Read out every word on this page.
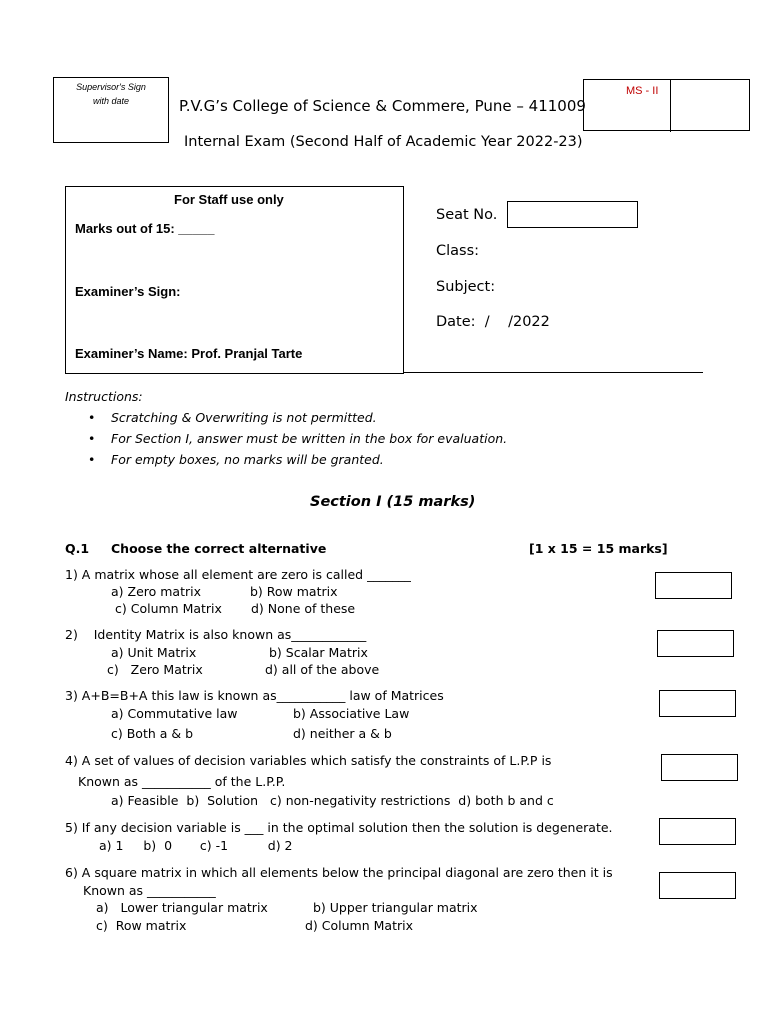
Supervisor's Sign
with date
MS - II
P.V.G’s College of Science & Commere, Pune – 411009
Internal Exam (Second Half of Academic Year 2022-23)
For Staff use only
Marks out of 15: _____
Examiner’s Sign:
Examiner’s Name: Prof. Pranjal Tarte
Seat No.
Class:
Subject:
Date:  /    /2022
Instructions:
• Scratching & Overwriting is not permitted.
• For Section I, answer must be written in the box for evaluation.
• For empty boxes, no marks will be granted.
Section I (15 marks)
Q.1 Choose the correct alternative	[1 x 15 = 15 marks]
1) A matrix whose all element are zero is called _______
a) Zero matrix	b) Row matrix
c) Column Matrix d) None of these
2)    Identity Matrix is also known as____________
a) Unit Matrix	b) Scalar Matrix
c)   Zero Matrix	d) all of the above
3) A+B=B+A this law is known as___________ law of Matrices
a) Commutative law	b) Associative Law
c) Both a & b	d) neither a & b
4) A set of values of decision variables which satisfy the constraints of L.P.P is
Known as ___________ of the L.P.P.
a) Feasible  b)  Solution   c) non-negativity restrictions  d) both b and c
5) If any decision variable is ___ in the optimal solution then the solution is degenerate.
a) 1     b)  0       c) -1          d) 2
6) A square matrix in which all elements below the principal diagonal are zero then it is
Known as ___________
a)   Lower triangular matrix	b) Upper triangular matrix
c)  Row matrix	d) Column Matrix
